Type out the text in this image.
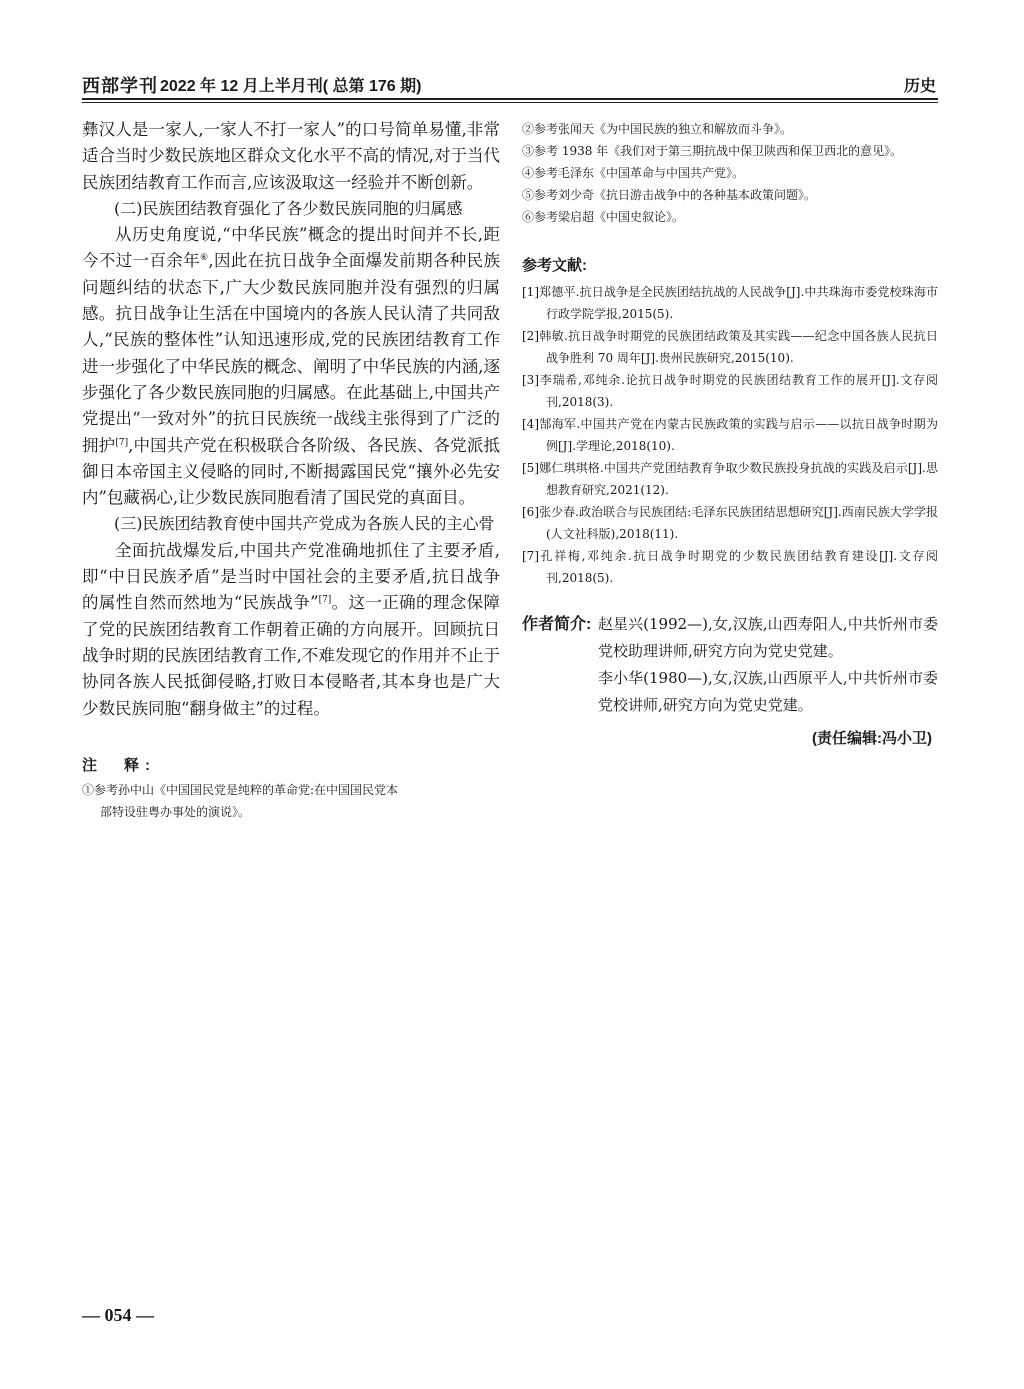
西部学刊 2022 年 12 月上半月刊( 总第 176 期)	历史

彝汉人是一家人,一家人不打一家人”的口号简单易懂,非常适合当时少数民族地区群众文化水平不高的情况,对于当代民族团结教育工作而言,应该汲取这一经验并不断创新。

(二)民族团结教育强化了各少数民族同胞的归属感

从历史角度说,“中华民族”概念的提出时间并不长,距今不过一百余年⑥,因此在抗日战争全面爆发前期各种民族问题纠结的状态下,广大少数民族同胞并没有强烈的归属感。抗日战争让生活在中国境内的各族人民认清了共同敌人,“民族的整体性”认知迅速形成,党的民族团结教育工作进一步强化了中华民族的概念、阐明了中华民族的内涵,逐步强化了各少数民族同胞的归属感。在此基础上,中国共产党提出“一致对外”的抗日民族统一战线主张得到了广泛的拥护[7],中国共产党在积极联合各阶级、各民族、各党派抵御日本帝国主义侵略的同时,不断揭露国民党“攘外必先安内”包藏祸心,让少数民族同胞看清了国民党的真面目。

(三)民族团结教育使中国共产党成为各族人民的主心骨

全面抗战爆发后,中国共产党准确地抓住了主要矛盾,即“中日民族矛盾”是当时中国社会的主要矛盾,抗日战争的属性自然而然地为“民族战争”[7]。这一正确的理念保障了党的民族团结教育工作朝着正确的方向展开。回顾抗日战争时期的民族团结教育工作,不难发现它的作用并不止于协同各族人民抵御侵略,打败日本侵略者,其本身也是广大少数民族同胞“翻身做主”的过程。

注　释:

①参考孙中山《中国国民党是纯粹的革命党:在中国国民党本
部特设驻粤办事处的演说》。

②参考张闻天《为中国民族的独立和解放而斗争》。

③参考 1938 年《我们对于第三期抗战中保卫陕西和保卫西北的意见》。

④参考毛泽东《中国革命与中国共产党》。

⑤参考刘少奇《抗日游击战争中的各种基本政策问题》。

⑥参考梁启超《中国史叙论》。

参考文献:

[1]郑德平.抗日战争是全民族团结抗战的人民战争[J].中共珠海市委党校珠海市行政学院学报,2015(5).

[2]韩敏.抗日战争时期党的民族团结政策及其实践——纪念中国各族人民抗日战争胜利 70 周年[J].贵州民族研究,2015(10).

[3]李瑞希,邓纯余.论抗日战争时期党的民族团结教育工作的展开[J].文存阅刊,2018(3).

[4]郜海军.中国共产党在内蒙古民族政策的实践与启示——以抗日战争时期为例[J].学理论,2018(10).

[5]娜仁琪琪格.中国共产党团结教育争取少数民族投身抗战的实践及启示[J].思想教育研究,2021(12).

[6]张少春.政治联合与民族团结:毛泽东民族团结思想研究[J].西南民族大学学报(人文社科版),2018(11).

[7]孔祥梅,邓纯余.抗日战争时期党的少数民族团结教育建设[J].文存阅刊,2018(5).

作者简介: 赵星兴(1992—),女,汉族,山西寿阳人,中共忻州市委党校助理讲师,研究方向为党史党建。

李小华(1980—),女,汉族,山西原平人,中共忻州市委党校讲师,研究方向为党史党建。

(责任编辑:冯小卫)
— 054 —
